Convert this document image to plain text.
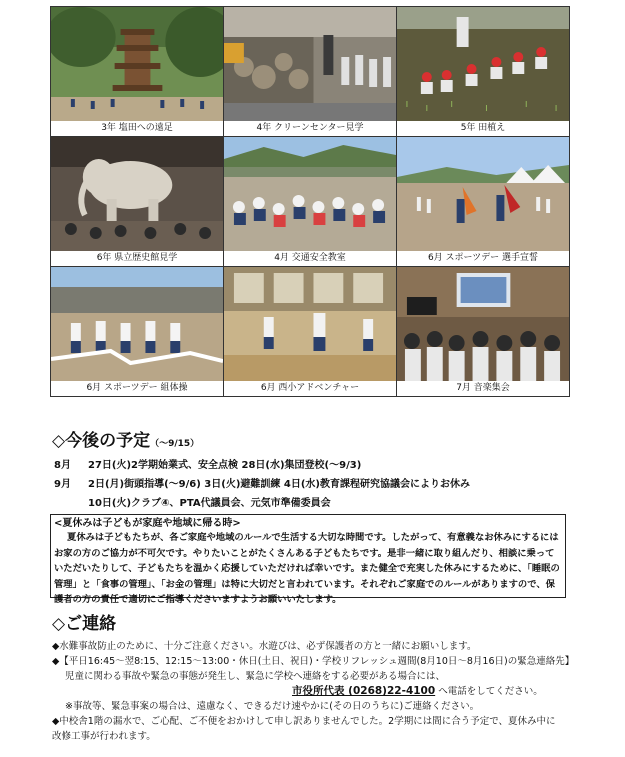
3年 塩田への遠足	4年 クリーンセンター見学	5年 田植え

6年 県立歴史館見学	4月 交通安全教室	6月 スポーツデー 選手宣誓

6月 スポーツデー 組体操	6月 西小アドベンチャー	7月 音楽集会
◇今後の予定（〜9/15）
8月 27日(火)2学期始業式、安全点検 28日(水)集団登校(〜9/3)
9月 2日(月)街頭指導(〜9/6) 3日(火)避難訓練 4日(水)教育課程研究協議会によりお休み
10日(火)クラブ④、PTA代議員会、元気市準備委員会
<夏休みは子どもが家庭や地域に帰る時>
夏休みは子どもたちが、各ご家庭や地域のルールで生活する大切な時間です。したがって、有意義なお休みにするにはお家の方のご協力が不可欠です。やりたいことがたくさんある子どもたちです。是非一緒に取り組んだり、相談に乗っていただいたりして、子どもたちを温かく応援していただければ幸いです。また健全で充実した休みにするために、「睡眠の管理」と「食事の管理」、「お金の管理」は特に大切だと言われています。それぞれご家庭でのルールがありますので、保護者の方の責任で適切にご指導くださいますようお願いいたします。
◇ご連絡
◆水難事故防止のために、十分ご注意ください。水遊びは、必ず保護者の方と一緒にお願いします。
◆【平日16:45〜翌8:15、12:15〜13:00・休日(土日、祝日)・学校リフレッシュ週間(8月10日〜8月16日)の緊急連絡先】
児童に関わる事故や緊急の事態が発生し、緊急に学校へ連絡をする必要がある場合には、
市役所代表 (0268)22-4100 へ電話をしてください。
※事故等、緊急事案の場合は、遠慮なく、できるだけ速やかに(その日のうちに)ご連絡ください。
◆中校舎1階の漏水で、ご心配、ご不便をおかけして申し訳ありませんでした。2学期には間に合う予定で、夏休み中に改修工事が行われます。
